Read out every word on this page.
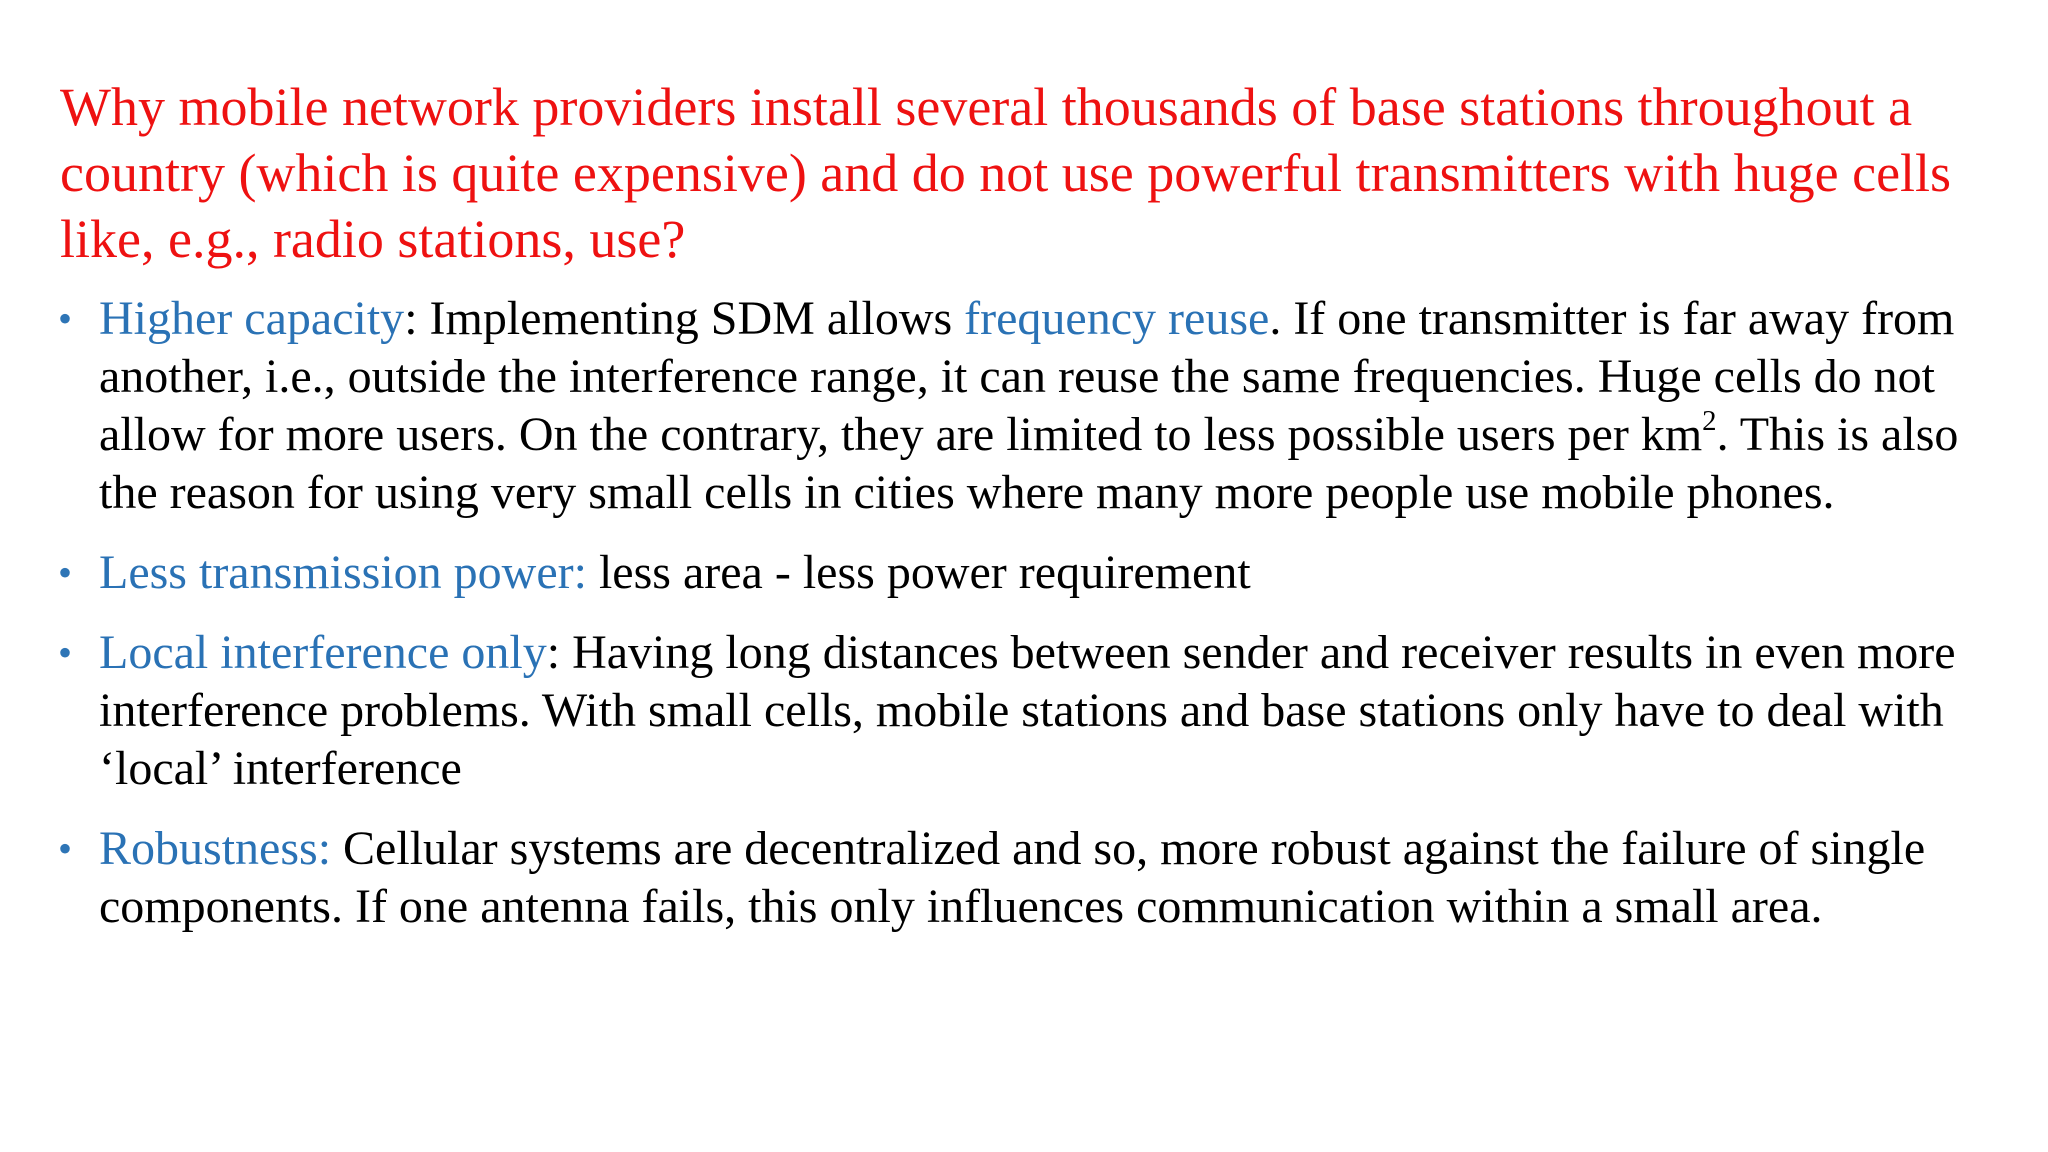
Why mobile network providers install several thousands of base stations throughout a country (which is quite expensive) and do not use powerful transmitters with huge cells like, e.g., radio stations, use?
• Higher capacity: Implementing SDM allows frequency reuse. If one transmitter is far away from another, i.e., outside the interference range, it can reuse the same frequencies. Huge cells do not allow for more users. On the contrary, they are limited to less possible users per $km^2$. This is also the reason for using very small cells in cities where many more people use mobile phones.
• Less transmission power: less area - less power requirement
• Local interference only: Having long distances between sender and receiver results in even more interference problems. With small cells, mobile stations and base stations only have to deal with ‘local’ interference
• Robustness: Cellular systems are decentralized and so, more robust against the failure of single components. If one antenna fails, this only influences communication within a small area.
